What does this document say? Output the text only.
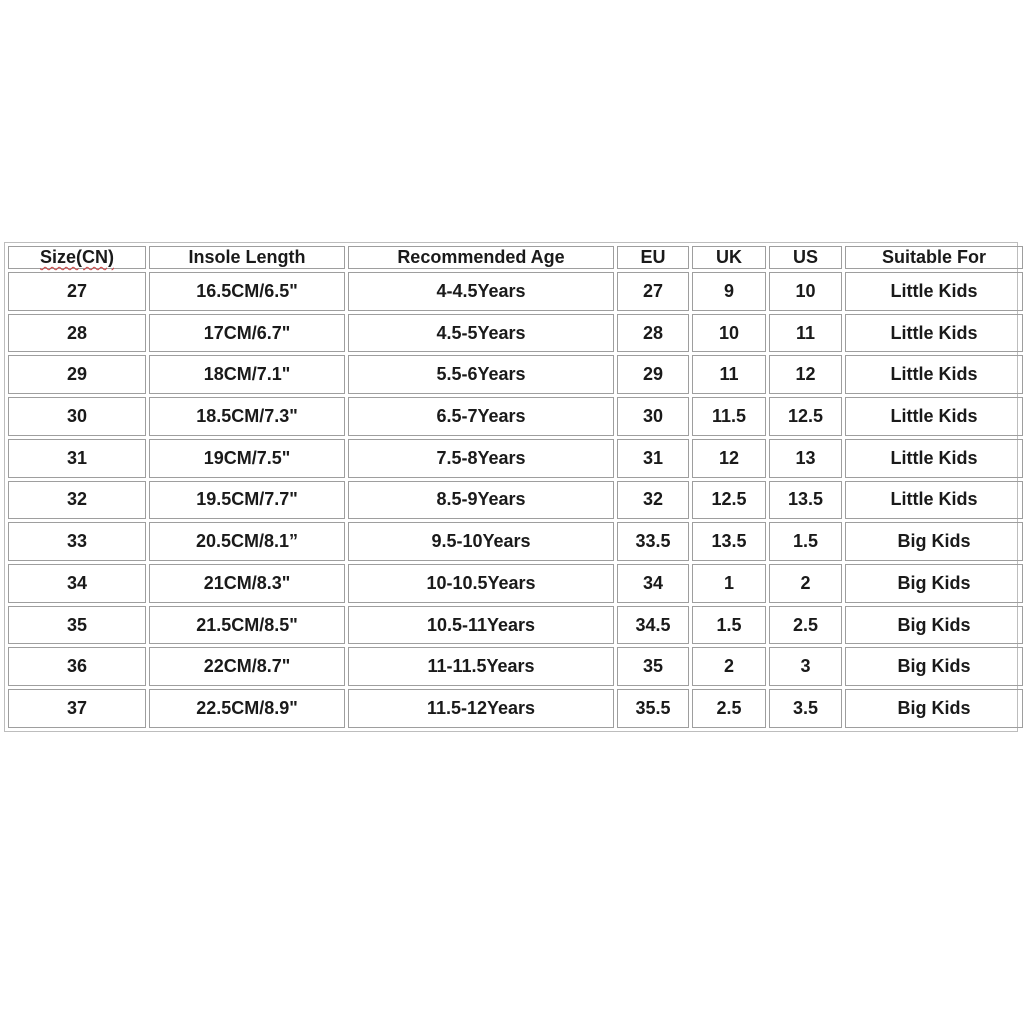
Size(CN)	Insole Length	Recommended Age	EU	UK	US	Suitable For
27	16.5CM/6.5"	4-4.5Years	27	9	10	Little Kids
28	17CM/6.7"	4.5-5Years	28	10	11	Little Kids
29	18CM/7.1"	5.5-6Years	29	11	12	Little Kids
30	18.5CM/7.3"	6.5-7Years	30	11.5	12.5	Little Kids
31	19CM/7.5"	7.5-8Years	31	12	13	Little Kids
32	19.5CM/7.7"	8.5-9Years	32	12.5	13.5	Little Kids
33	20.5CM/8.1”	9.5-10Years	33.5	13.5	1.5	Big Kids
34	21CM/8.3"	10-10.5Years	34	1	2	Big Kids
35	21.5CM/8.5"	10.5-11Years	34.5	1.5	2.5	Big Kids
36	22CM/8.7"	11-11.5Years	35	2	3	Big Kids
37	22.5CM/8.9"	11.5-12Years	35.5	2.5	3.5	Big Kids
